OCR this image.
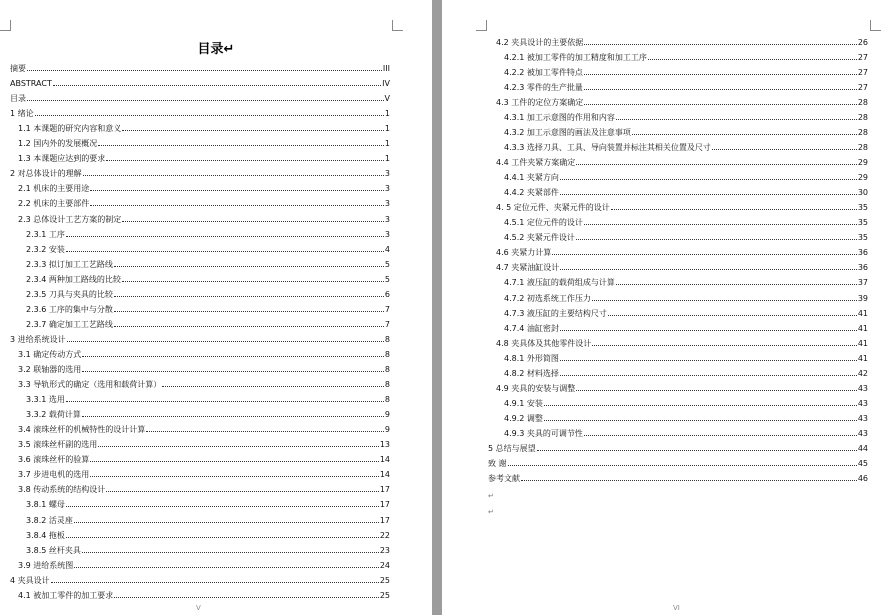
目录↵
摘要	III
ABSTRACT	IV
目录	V
1 绪论	1
1.1 本课题的研究内容和意义	1
1.2 国内外的发展概况	1
1.3 本课题应达到的要求	1
2 对总体设计的理解	3
2.1 机床的主要用途	3
2.2 机床的主要部件	3
2.3 总体设计工艺方案的制定	3
2.3.1 工序	3
2.3.2 安装	4
2.3.3 拟订加工工艺路线	5
2.3.4 两种加工路线的比较	5
2.3.5 刀具与夹具的比较	6
2.3.6 工序的集中与分散	7
2.3.7 确定加工工艺路线	7
3 进给系统设计	8
3.1 确定传动方式	8
3.2 联轴器的选用	8
3.3 导轨形式的确定（选用和载荷计算）	8
3.3.1 选用	8
3.3.2 载荷计算	9
3.4 滚珠丝杆的机械特性的设计计算	9
3.5 滚珠丝杆副的选用	13
3.6 滚珠丝杆的验算	14
3.7 步进电机的选用	14
3.8 传动系统的结构设计	17
3.8.1 螺母	17
3.8.2 活灵座	17
3.8.4 拖板	22
3.8.5 丝杆夹具	23
3.9 进给系统图	24
4 夹具设计	25
4.1 被加工零件的加工要求	25
V
4.2 夹具设计的主要依据	26
4.2.1 被加工零件的加工精度和加工工序	27
4.2.2 被加工零件特点	27
4.2.3 零件的生产批量	27
4.3 工件的定位方案确定	28
4.3.1 加工示意图的作用和内容	28
4.3.2 加工示意图的画法及注意事项	28
4.3.3 选择刀具、工具、导向装置并标注其相关位置及尺寸	28
4.4 工件夹紧方案确定	29
4.4.1 夹紧方向	29
4.4.2 夹紧部件	30
4. 5 定位元件、夹紧元件的设计	35
4.5.1 定位元件的设计	35
4.5.2 夹紧元件设计	35
4.6 夹紧力计算	36
4.7 夹紧油缸设计	36
4.7.1 液压缸的载荷组成与计算	37
4.7.2 初选系统工作压力	39
4.7.3 液压缸的主要结构尺寸	41
4.7.4 油缸密封	41
4.8 夹具体及其他零件设计	41
4.8.1 外形简图	41
4.8.2 材料选择	42
4.9 夹具的安装与调整	43
4.9.1 安装	43
4.9.2 调整	43
4.9.3 夹具的可调节性	43
5 总结与展望	44
致 谢	45
参考文献	46
↵
↵
VI
